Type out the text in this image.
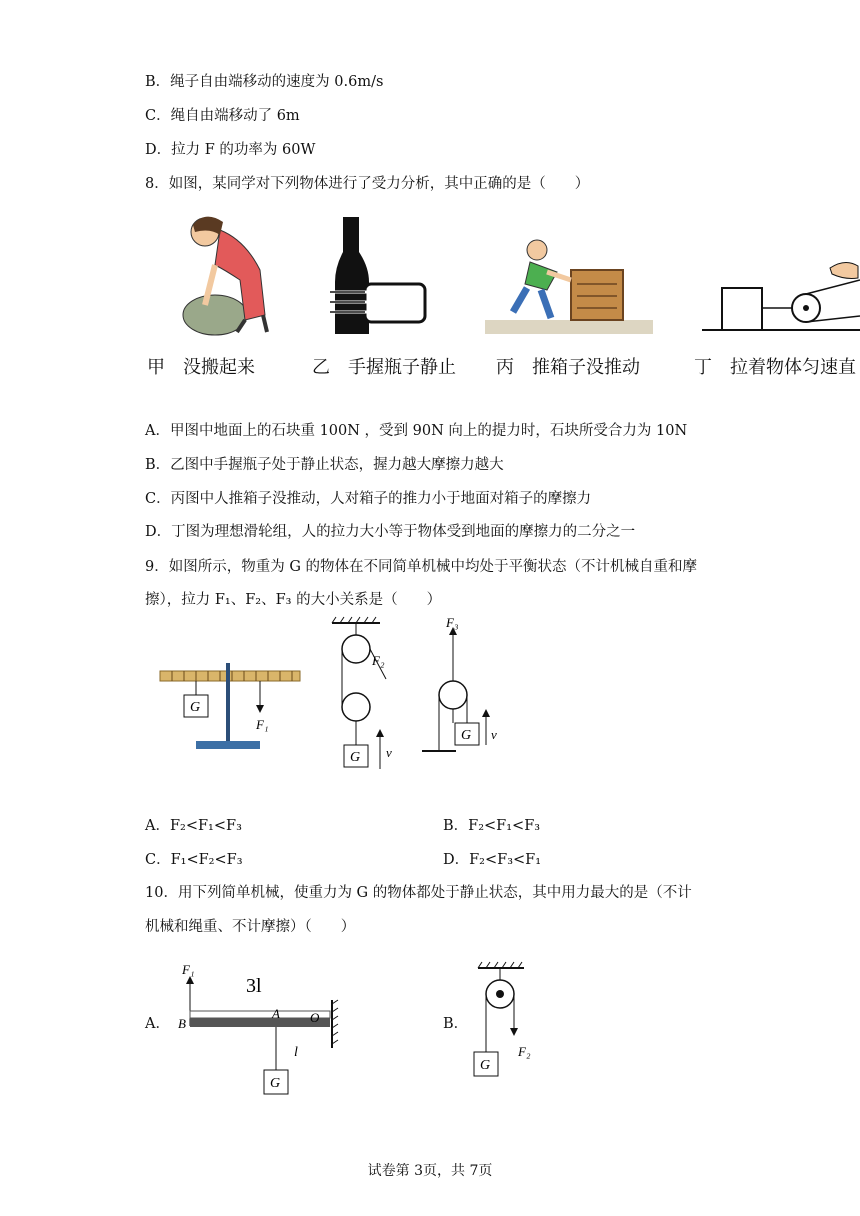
B．绳子自由端移动的速度为 0.6m/s
C．绳自由端移动了 6m
D．拉力 F 的功率为 60W
8．如图，某同学对下列物体进行了受力分析，其中正确的是（　　）
甲　没搬起来	乙　手握瓶子静止 丙　推箱子没推动	丁　拉着物体匀速直
A．甲图中地面上的石块重 100N ，受到 90N 向上的提力时，石块所受合力为 10N
B．乙图中手握瓶子处于静止状态，握力越大摩擦力越大
C．丙图中人推箱子没推动，人对箱子的推力小于地面对箱子的摩擦力
D．丁图为理想滑轮组，人的拉力大小等于物体受到地面的摩擦力的二分之一
9．如图所示，物重为 G 的物体在不同简单机械中均处于平衡状态（不计机械自重和摩
擦），拉力 F₁、F₂、F₃ 的大小关系是（　　）
G
F₁
F₂
G v
F₃
G v
A．F₂<F₁<F₃	B．F₂<F₁<F₃
C．F₁<F₂<F₃	D．F₂<F₃<F₁
10．用下列简单机械，使重力为 G 的物体都处于静止状态，其中用力最大的是（不计
机械和绳重、不计摩擦）（　　）
A．	B．
F₁
3l
B
A O
l
G
F₂
G
试卷第 3页，共 7页
